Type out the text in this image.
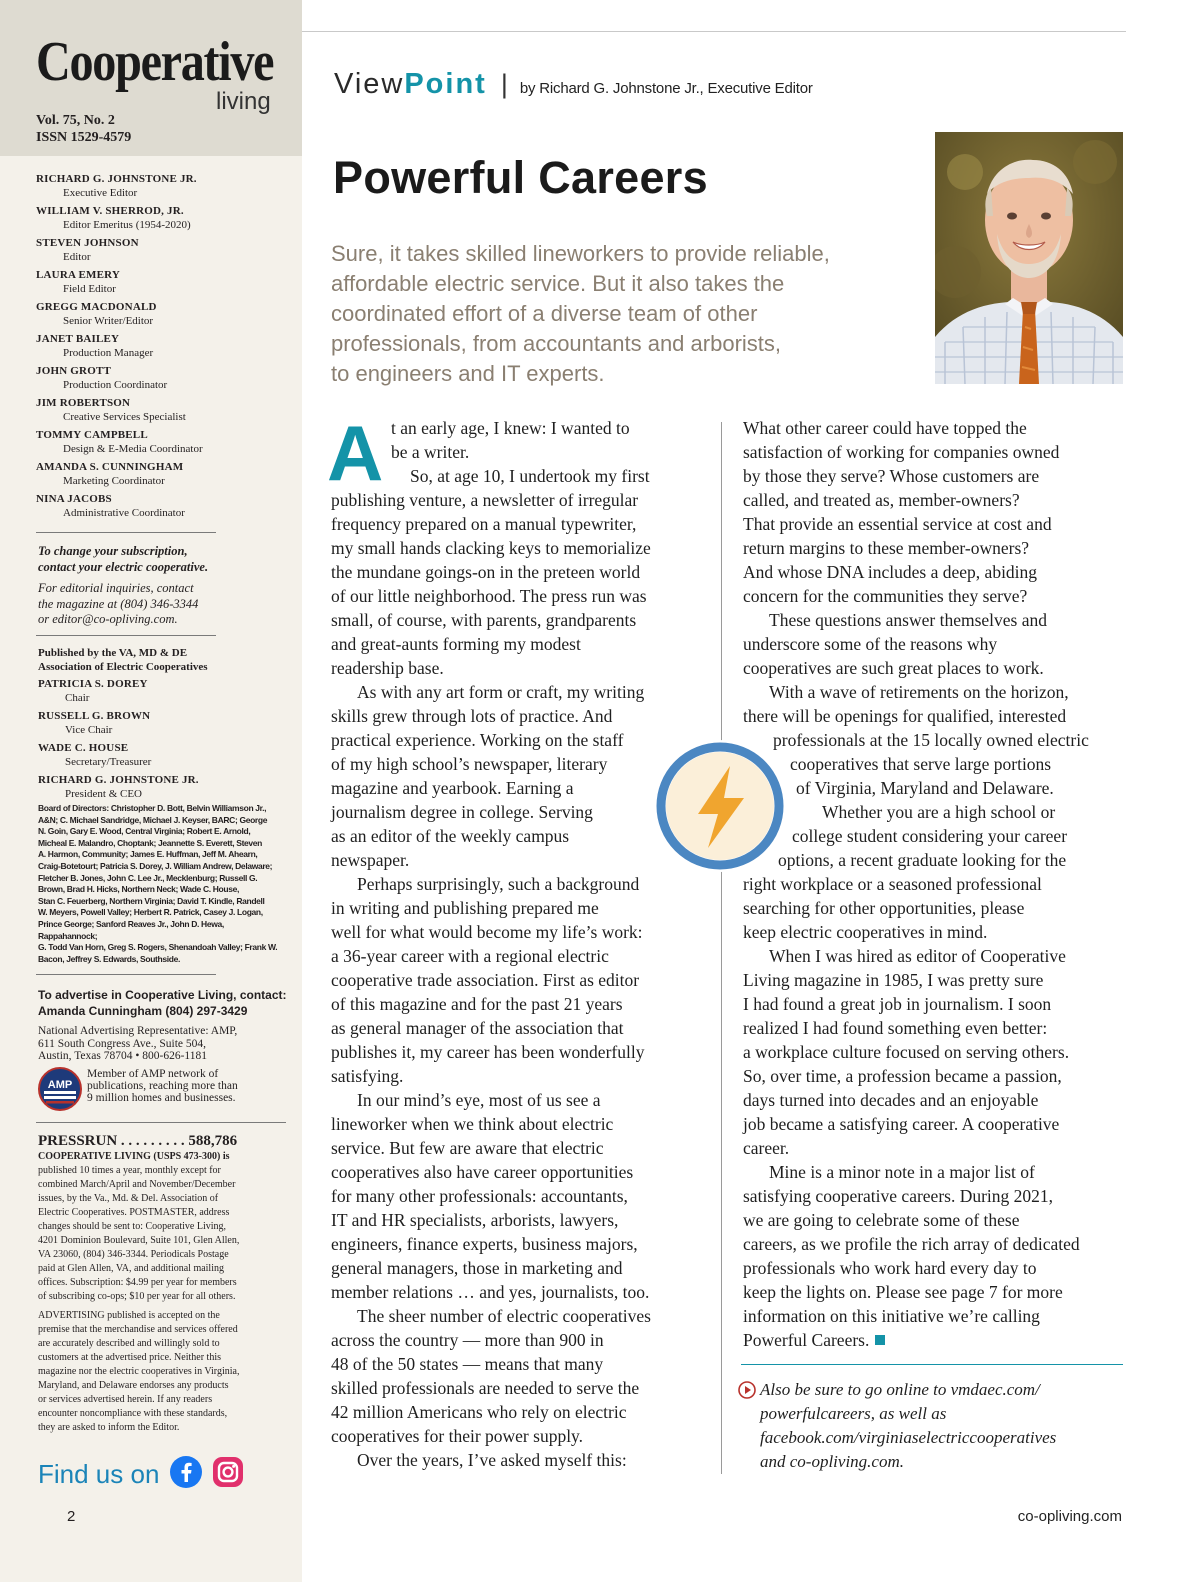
Cooperative
living
Vol. 75, No. 2
ISSN 1529-4579
RICHARD G. JOHNSTONE JR.
Executive Editor
WILLIAM V. SHERROD, JR.
Editor Emeritus (1954-2020)
STEVEN JOHNSON
Editor
LAURA EMERY
Field Editor
GREGG MACDONALD
Senior Writer/Editor
JANET BAILEY
Production Manager
JOHN GROTT
Production Coordinator
JIM ROBERTSON
Creative Services Specialist
TOMMY CAMPBELL
Design & E-Media Coordinator
AMANDA S. CUNNINGHAM
Marketing Coordinator
NINA JACOBS
Administrative Coordinator
To change your subscription,
contact your electric cooperative.
For editorial inquiries, contact
the magazine at (804) 346-3344
or editor@co-opliving.com.
Published by the VA, MD & DE
Association of Electric Cooperatives
PATRICIA S. DOREY
Chair
RUSSELL G. BROWN
Vice Chair
WADE C. HOUSE
Secretary/Treasurer
RICHARD G. JOHNSTONE JR.
President & CEO
Board of Directors: Christopher D. Bott, Belvin Williamson Jr.,
A&N; C. Michael Sandridge, Michael J. Keyser, BARC; George
N. Goin, Gary E. Wood, Central Virginia; Robert E. Arnold,
Micheal E. Malandro, Choptank; Jeannette S. Everett, Steven
A. Harmon, Community; James E. Huffman, Jeff M. Ahearn,
Craig-Botetourt; Patricia S. Dorey, J. William Andrew, Delaware;
Fletcher B. Jones, John C. Lee Jr., Mecklenburg; Russell G.
Brown, Brad H. Hicks, Northern Neck; Wade C. House,
Stan C. Feuerberg, Northern Virginia; David T. Kindle, Randell
W. Meyers, Powell Valley; Herbert R. Patrick, Casey J. Logan,
Prince George; Sanford Reaves Jr., John D. Hewa, Rappahannock;
G. Todd Van Horn, Greg S. Rogers, Shenandoah Valley; Frank W.
Bacon, Jeffrey S. Edwards, Southside.
To advertise in Cooperative Living, contact:
Amanda Cunningham (804) 297-3429
National Advertising Representative: AMP,
611 South Congress Ave., Suite 504,
Austin, Texas 78704 • 800-626-1181
AMP
Member of AMP network of
publications, reaching more than
9 million homes and businesses.
PRESSRUN . . . . . . . . . 588,786
COOPERATIVE LIVING (USPS 473-300) is
published 10 times a year, monthly except for
combined March/April and November/December
issues, by the Va., Md. & Del. Association of
Electric Cooperatives. POSTMASTER, address
changes should be sent to: Cooperative Living,
4201 Dominion Boulevard, Suite 101, Glen Allen,
VA 23060, (804) 346-3344. Periodicals Postage
paid at Glen Allen, VA, and additional mailing
offices. Subscription: $4.99 per year for members
of subscribing co-ops; $10 per year for all others.
ADVERTISING published is accepted on the
premise that the merchandise and services offered
are accurately described and willingly sold to
customers at the advertised price. Neither this
magazine nor the electric cooperatives in Virginia,
Maryland, and Delaware endorses any products
or services advertised herein. If any readers
encounter noncompliance with these standards,
they are asked to inform the Editor.
Find us on
2
View Point | by Richard G. Johnstone Jr., Executive Editor
Powerful Careers
Sure, it takes skilled lineworkers to provide reliable,
affordable electric service. But it also takes the
coordinated effort of a diverse team of other
professionals, from accountants and arborists,
to engineers and IT experts.
A t an early age, I knew: I wanted to

be a writer.

So, at age 10, I undertook my first

publishing venture, a newsletter of irregular

frequency prepared on a manual typewriter,

my small hands clacking keys to memorialize

the mundane goings-on in the preteen world

of our little neighborhood. The press run was

small, of course, with parents, grandparents

and great-aunts forming my modest

readership base.

As with any art form or craft, my writing

skills grew through lots of practice. And

practical experience. Working on the staff

of my high school’s newspaper, literary

magazine and yearbook. Earning a

journalism degree in college. Serving

as an editor of the weekly campus

newspaper.

Perhaps surprisingly, such a background

in writing and publishing prepared me

well for what would become my life’s work:

a 36-year career with a regional electric

cooperative trade association. First as editor

of this magazine and for the past 21 years

as general manager of the association that

publishes it, my career has been wonderfully

satisfying.

In our mind’s eye, most of us see a

lineworker when we think about electric

service. But few are aware that electric

cooperatives also have career opportunities

for many other professionals: accountants,

IT and HR specialists, arborists, lawyers,

engineers, finance experts, business majors,

general managers, those in marketing and

member relations … and yes, journalists, too.

The sheer number of electric cooperatives

across the country — more than 900 in

48 of the 50 states — means that many

skilled professionals are needed to serve the

42 million Americans who rely on electric

cooperatives for their power supply.

Over the years, I’ve asked myself this:

What other career could have topped the

satisfaction of working for companies owned

by those they serve? Whose customers are

called, and treated as, member-owners?

That provide an essential service at cost and

return margins to these member-owners?

And whose DNA includes a deep, abiding

concern for the communities they serve?

These questions answer themselves and

underscore some of the reasons why

cooperatives are such great places to work.

With a wave of retirements on the horizon,

there will be openings for qualified, interested

professionals at the 15 locally owned electric

cooperatives that serve large portions

of Virginia, Maryland and Delaware.

Whether you are a high school or

college student considering your career

options, a recent graduate looking for the

right workplace or a seasoned professional

searching for other opportunities, please

keep electric cooperatives in mind.

When I was hired as editor of Cooperative

Living magazine in 1985, I was pretty sure

I had found a great job in journalism. I soon

realized I had found something even better:

a workplace culture focused on serving others.

So, over time, a profession became a passion,

days turned into decades and an enjoyable

job became a satisfying career. A cooperative

career.

Mine is a minor note in a major list of

satisfying cooperative careers. During 2021,

we are going to celebrate some of these

careers, as we profile the rich array of dedicated

professionals who work hard every day to

keep the lights on. Please see page 7 for more

information on this initiative we’re calling

Powerful Careers.

Also be sure to go online to vmdaec.com/
powerfulcareers, as well as
facebook.com/virginiaselectriccooperatives
and co-opliving.com.
co-opliving.com
